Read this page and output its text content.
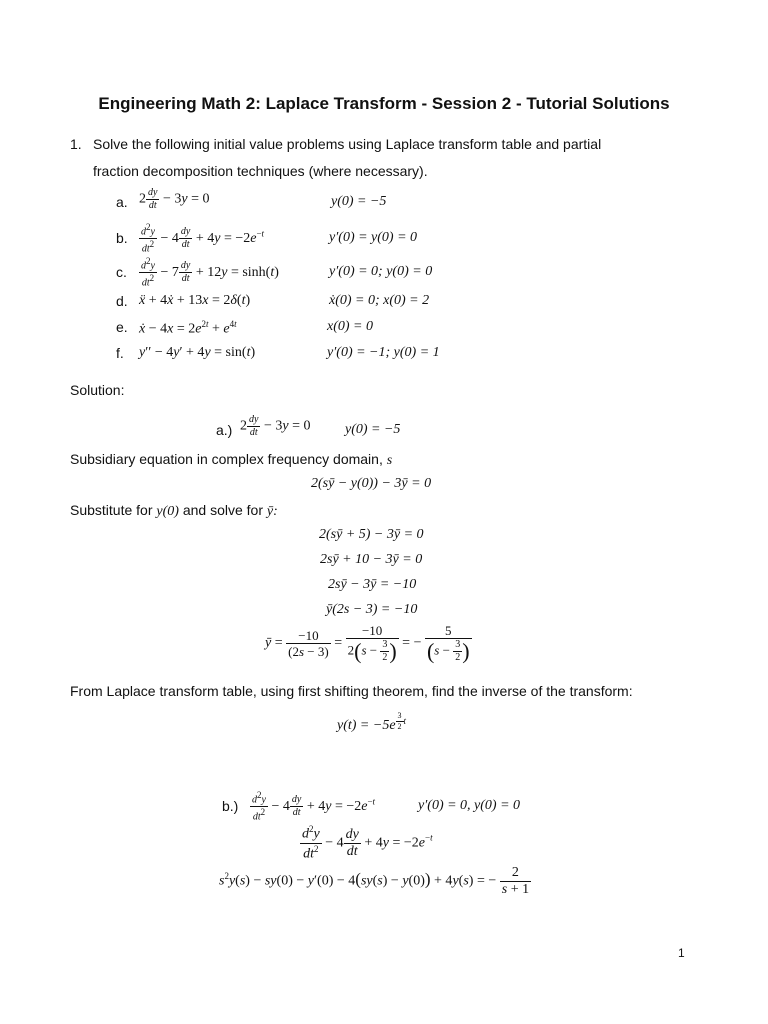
Engineering Math 2: Laplace Transform - Session 2 - Tutorial Solutions
1. Solve the following initial value problems using Laplace transform table and partial
fraction decomposition techniques (where necessary).
a. $2 \frac{dy}{dt} - 3y = 0$	y(0) = −5
b. $\frac{d^2y}{dt^2} - 4 \frac{dy}{dt} + 4y = -2e^{-t}$	y′(0) = y(0) = 0
c. $\frac{d^2y}{dt^2} - 7 \frac{dy}{dt} + 12y = \sinh(t)$	y′(0) = 0; y(0) = 0
d. ẍ + 4ẋ + 13x = 2δ(t)	ẋ(0) = 0; x(0) = 2
e. ẋ − $4x = 2e^{2t} + e^{4t}$	x(0) = 0
f. y′′ − 4y′ + 4y = sin(t)	y′(0) = −1; y(0) = 1
Solution:
a.) $2 \frac{dy}{dt} - 3y = 0$ y(0) = −5
Subsidiary equation in complex frequency domain, s
2(sȳ − y(0)) − 3ȳ = 0
Substitute for y(0) and solve for ȳ:
2(sȳ + 5) − 3ȳ = 0
2sȳ + 10 − 3ȳ = 0
2sȳ − 3ȳ = −10
ȳ(2s − 3) = −10
ȳ = $\frac{-10}{(2s - 3)} = \frac{-10}{2(s - \frac{3}{2} )}$ = − $\frac{5}{(s - \frac{3}{2} )}$
From Laplace transform table, using first shifting theorem, find the inverse of the transform:
y(t) = −5e $^{\frac{3}{2} t}$
$b.) \frac{d^2y}{dt^2} - 4 \frac{dy}{dt} + 4y = -2e^{-t}$	y′(0) = 0, y(0) = 0
$\frac{d^2y}{dt^2} - 4 \frac{dy}{dt} + 4y = -2e^{-t}$
$s^2y(s) - sy(0) - y'(0) - 4(sy(s) - y(0)) + 4y(s)$ = − $\frac{2}{s + 1}$
1
